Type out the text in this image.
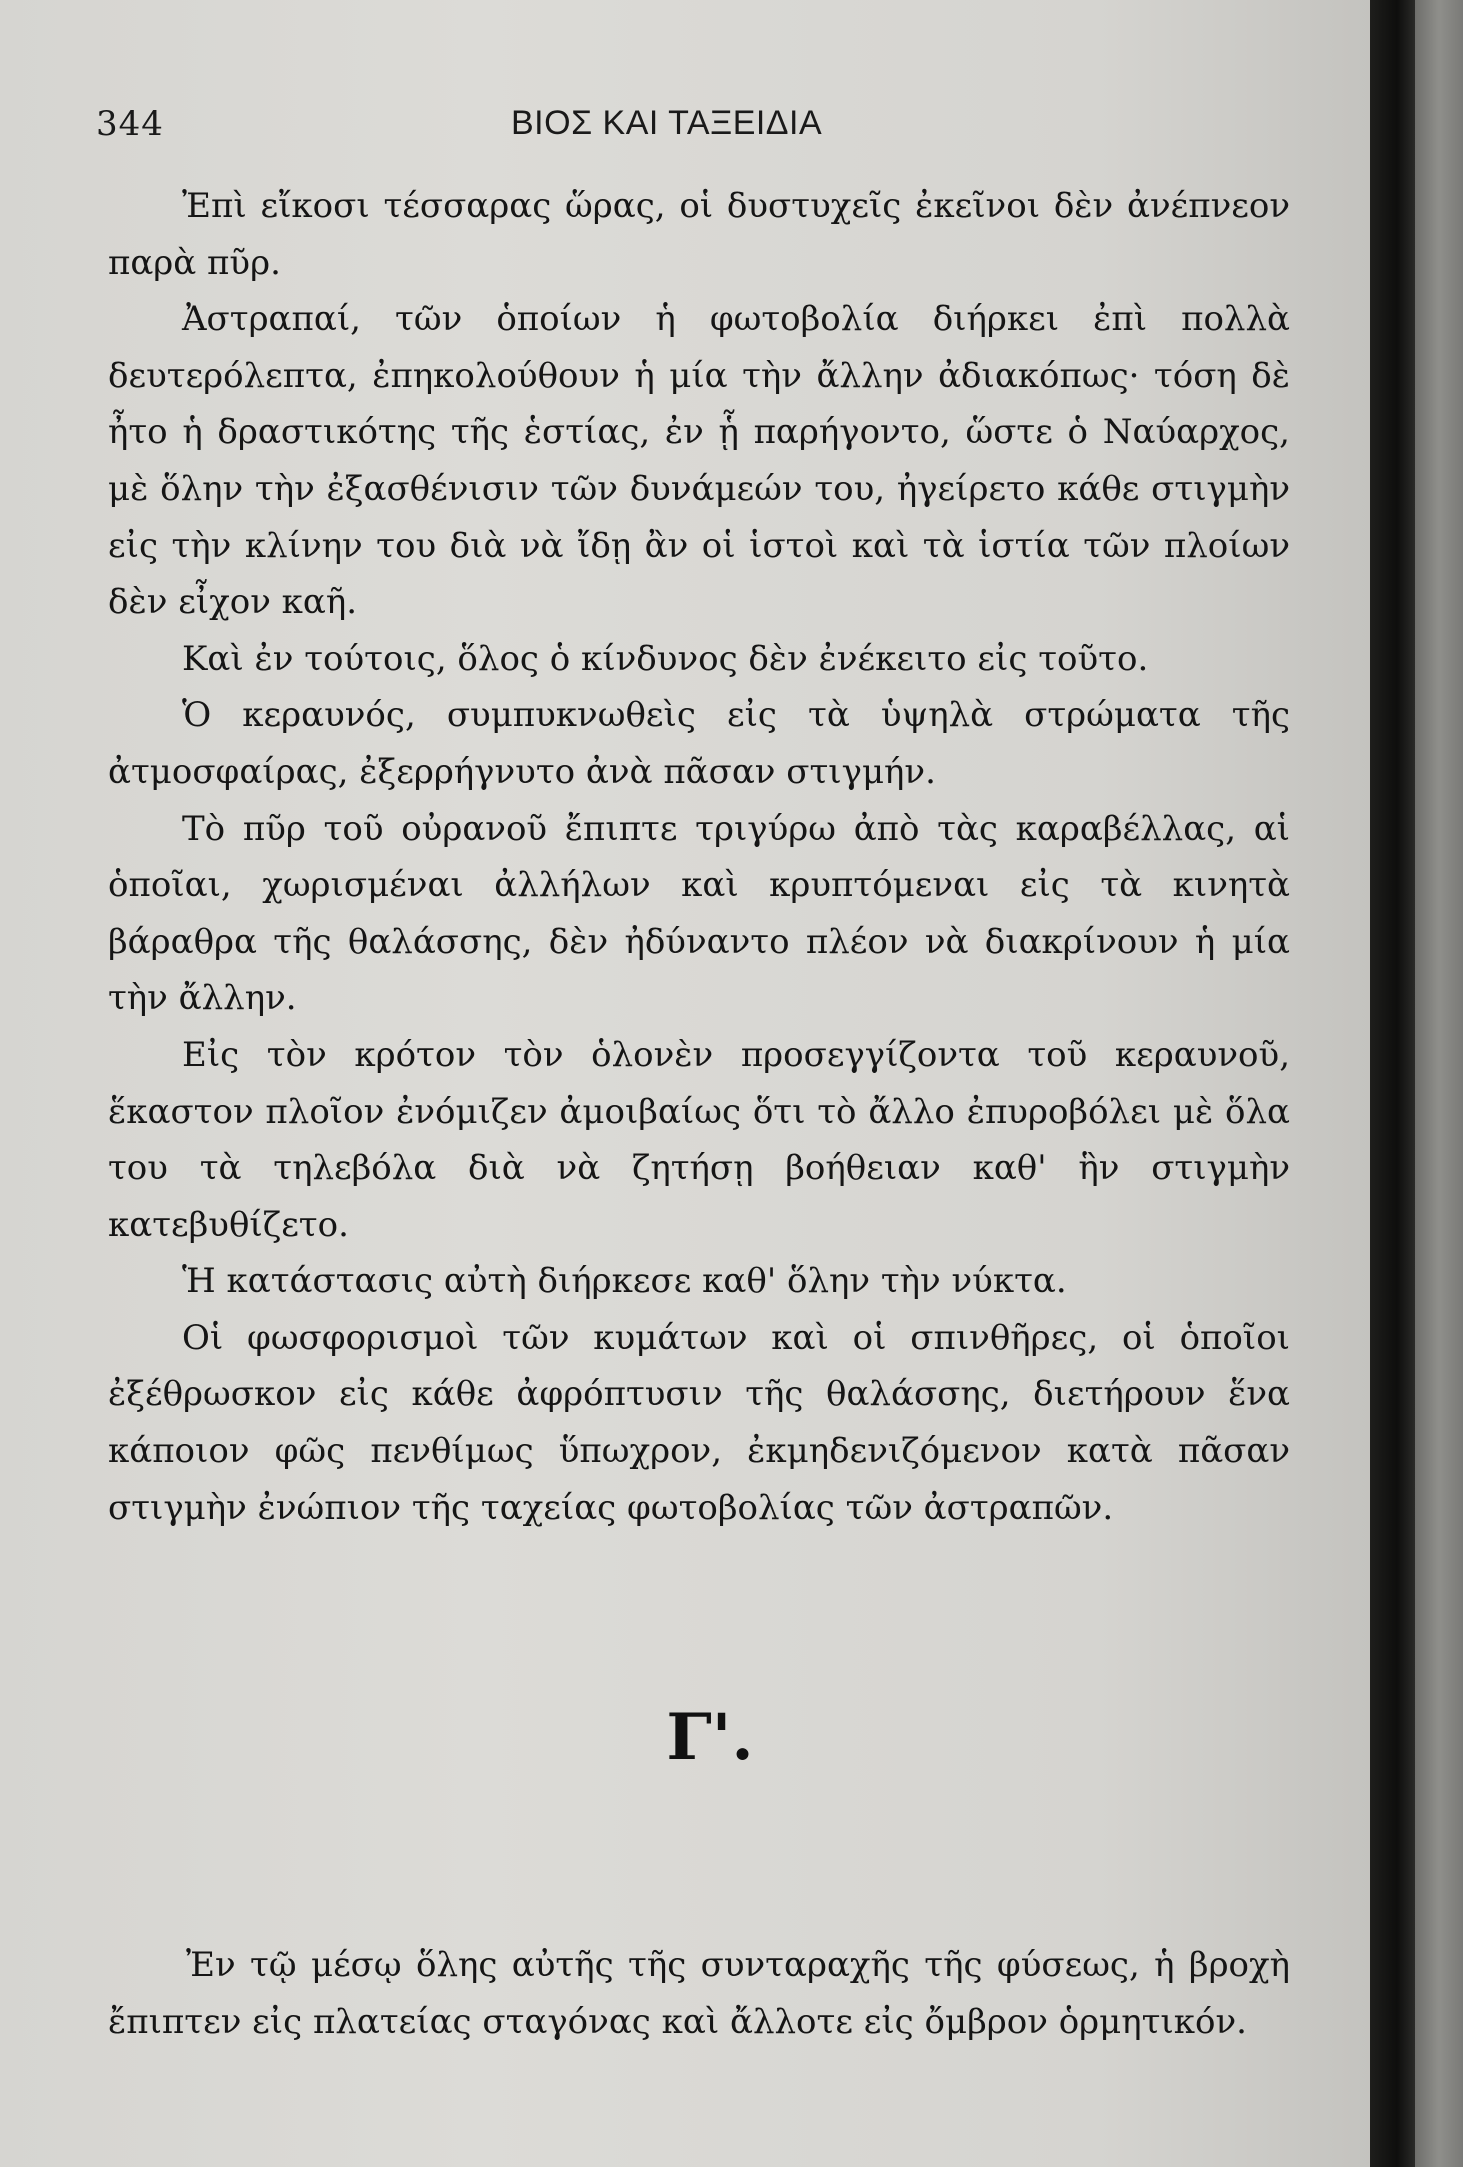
344	ΒΙΟΣ ΚΑΙ ΤΑΞΕΙΔΙΑ

Ἐπὶ εἴκοσι τέσσαρας ὥρας, οἱ δυστυχεῖς ἐκεῖνοι δὲν ἀνέπνεον παρὰ πῦρ.

Ἀστραπαί, τῶν ὁποίων ἡ φωτοβολία διήρκει ἐπὶ πολλὰ δευτερόλεπτα, ἐπηκολούθουν ἡ μία τὴν ἄλλην ἀδιακόπως· τόση δὲ ἦτο ἡ δραστικότης τῆς ἑστίας, ἐν ᾗ παρήγοντο, ὥστε ὁ Ναύαρχος, μὲ ὅλην τὴν ἐξασθένισιν τῶν δυνάμεών του, ἠγείρετο κάθε στιγμὴν εἰς τὴν κλίνην του διὰ νὰ ἴδῃ ἂν οἱ ἱστοὶ καὶ τὰ ἱστία τῶν πλοίων δὲν εἶχον καῆ.

Καὶ ἐν τούτοις, ὅλος ὁ κίνδυνος δὲν ἐνέκειτο εἰς τοῦτο.

Ὁ κεραυνός, συμπυκνωθεὶς εἰς τὰ ὑψηλὰ στρώματα τῆς ἀτμοσφαίρας, ἐξερρήγνυτο ἀνὰ πᾶσαν στιγμήν.

Τὸ πῦρ τοῦ οὐρανοῦ ἔπιπτε τριγύρω ἀπὸ τὰς καραβέλλας, αἱ ὁποῖαι, χωρισμέναι ἀλλήλων καὶ κρυπτόμεναι εἰς τὰ κινητὰ βάραθρα τῆς θαλάσσης, δὲν ἠδύναντο πλέον νὰ διακρίνουν ἡ μία τὴν ἄλλην.

Εἰς τὸν κρότον τὸν ὁλονὲν προσεγγίζοντα τοῦ κεραυνοῦ, ἕκαστον πλοῖον ἐνόμιζεν ἀμοιβαίως ὅτι τὸ ἄλλο ἐπυροβόλει μὲ ὅλα του τὰ τηλεβόλα διὰ νὰ ζητήσῃ βοήθειαν καθ' ἣν στιγμὴν κατεβυθίζετο.

Ἡ κατάστασις αὐτὴ διήρκεσε καθ' ὅλην τὴν νύκτα.

Οἱ φωσφορισμοὶ τῶν κυμάτων καὶ οἱ σπινθῆρες, οἱ ὁποῖοι ἐξέθρωσκον εἰς κάθε ἀφρόπτυσιν τῆς θαλάσσης, διετήρουν ἕνα κάποιον φῶς πενθίμως ὕπωχρον, ἐκμηδενιζόμενον κατὰ πᾶσαν στιγμὴν ἐνώπιον τῆς ταχείας φωτοβολίας τῶν ἀστραπῶν.

Γ'.

Ἐν τῷ μέσῳ ὅλης αὐτῆς τῆς συνταραχῆς τῆς φύσεως, ἡ βροχὴ ἔπιπτεν εἰς πλατείας σταγόνας καὶ ἄλλοτε εἰς ὄμβρον ὁρμητικόν.
